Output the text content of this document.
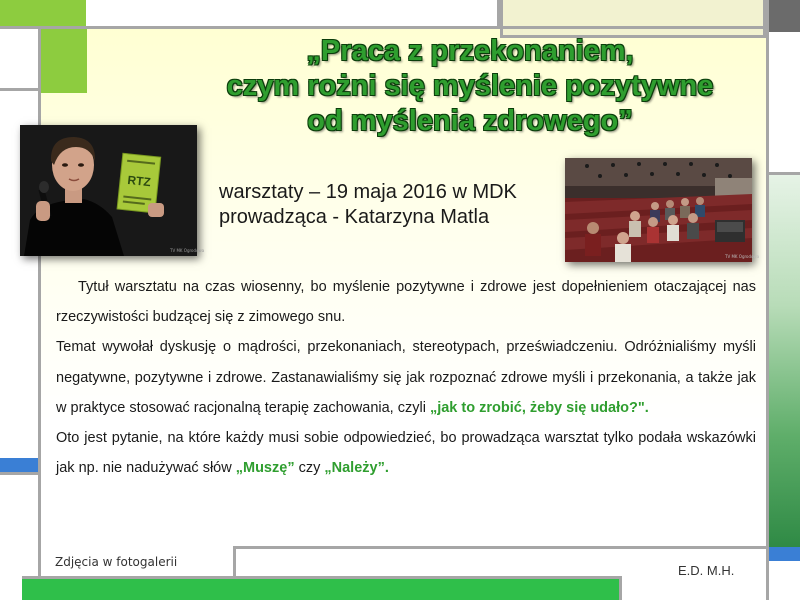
„Praca z przekonaniem,
czym rożni się myślenie pozytywne
od myślenia zdrowego”
RTZ
TV MK Ogrodowa
TV MK Ogrodowa
warsztaty – 19 maja 2016 w MDK
prowadząca - Katarzyna Matla

Tytuł warsztatu na czas wiosenny, bo myślenie pozytywne i zdrowe jest dopełnieniem otaczającej nas rzeczywistości budzącej się z zimowego snu.

Temat wywołał dyskusję o mądrości, przekonaniach, stereotypach, przeświadczeniu. Odróżnialiśmy myśli negatywne, pozytywne i zdrowe. Zastanawialiśmy się jak rozpoznać zdrowe myśli i przekonania, a także jak w praktyce stosować racjonalną terapię zachowania, czyli „jak to zrobić, żeby się udało?".

Oto jest pytanie, na które każdy musi sobie odpowiedzieć, bo prowadząca warsztat tylko podała wskazówki jak np. nie nadużywać słów „Muszę” czy „Należy”.

Zdjęcia w fotogalerii
E.D. M.H.
